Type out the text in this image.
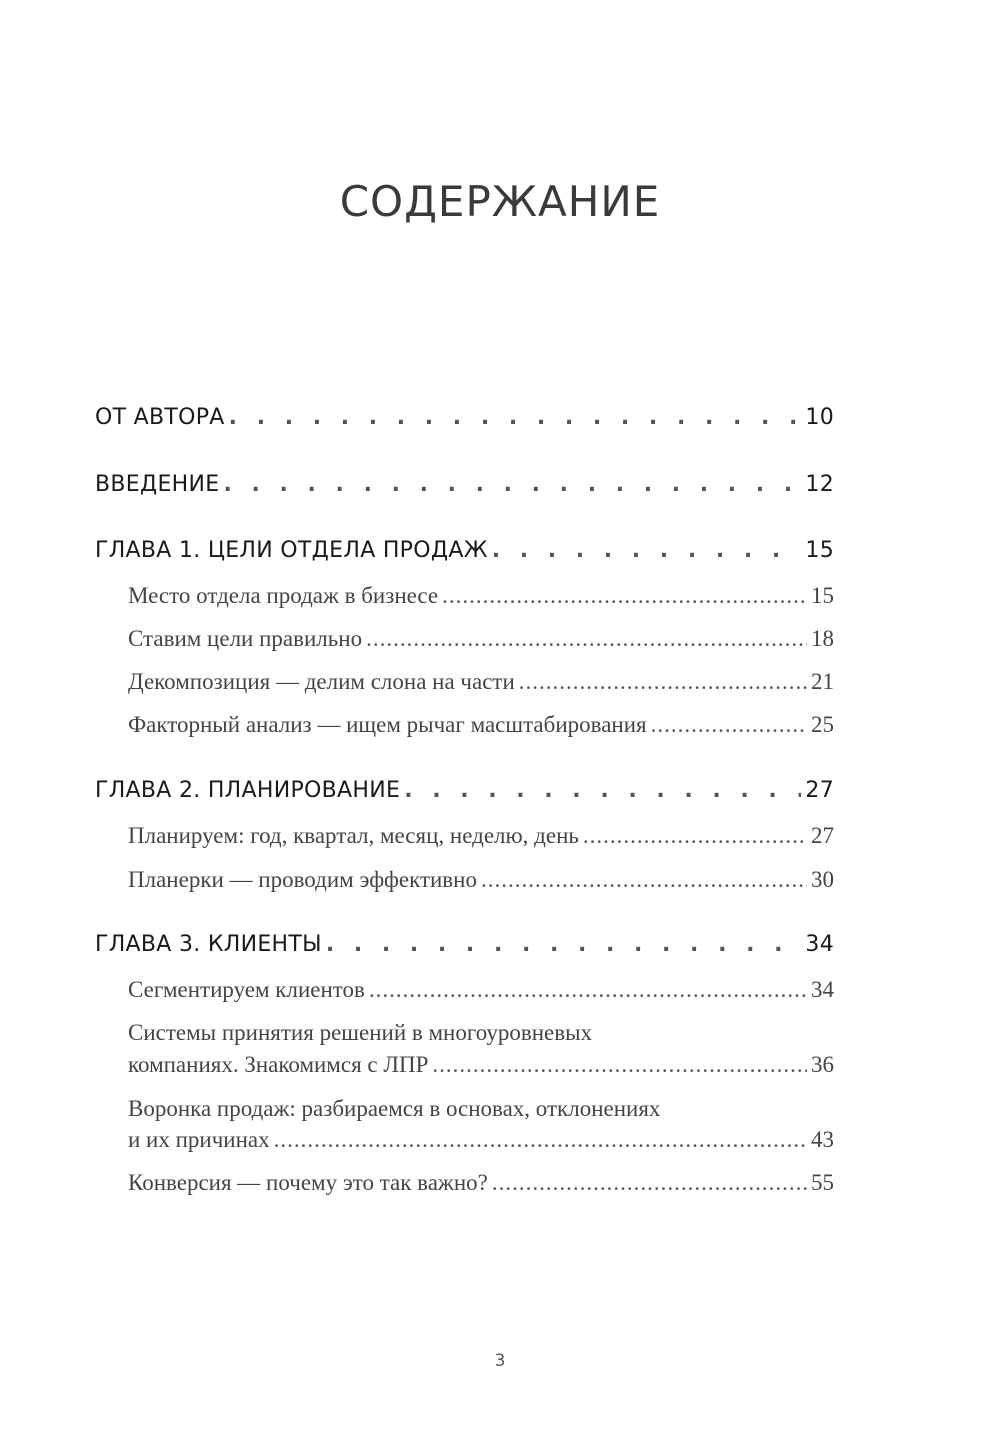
СОДЕРЖАНИЕ
ОТ АВТОРА . . .	10
ВВЕДЕНИЕ . . .	12
ГЛАВА 1. ЦЕЛИ ОТДЕЛА ПРОДАЖ . . .	15
Место отдела продаж в бизнесе .....	15
Ставим цели правильно .....	18
Декомпозиция — делим слона на части .....	21
Факторный анализ — ищем рычаг масштабирования .....	25
ГЛАВА 2. ПЛАНИРОВАНИЕ . . .	27
Планируем: год, квартал, месяц, неделю, день .....	27
Планерки — проводим эффективно .....	30
ГЛАВА 3. КЛИЕНТЫ . . .	34
Сегментируем клиентов .....	34
Системы принятия решений в многоуровневых
компаниях. Знакомимся с ЛПР .....	36
Воронка продаж: разбираемся в основах, отклонениях
и их причинах .....	43
Конверсия — почему это так важно? .....	55
3
